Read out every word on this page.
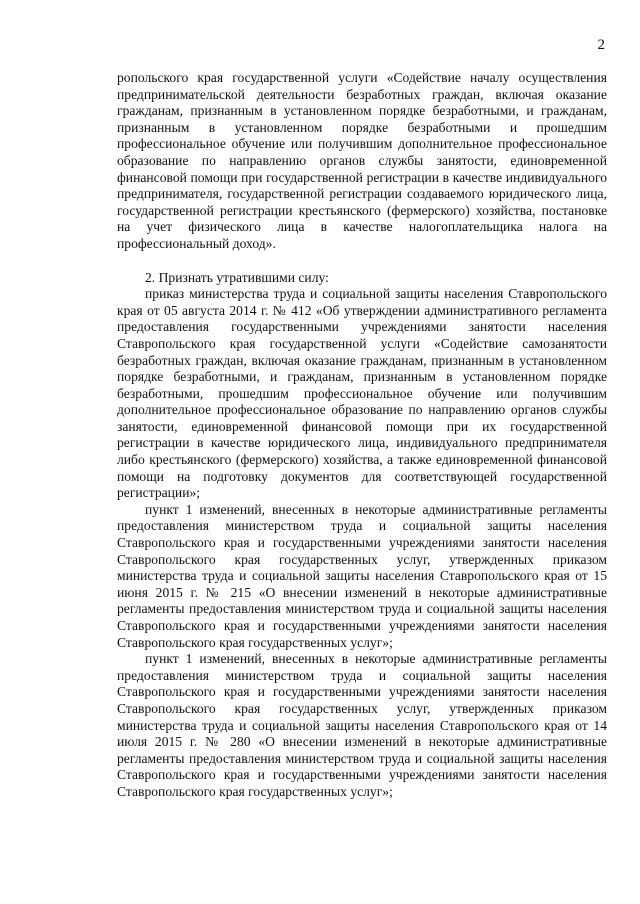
2

ропольского края государственной услуги «Содействие началу осуществления предпринимательской деятельности безработных граждан, включая оказание гражданам, признанным в установленном порядке безработными, и гражданам, признанным в установленном порядке безработными и прошедшим профессиональное обучение или получившим дополнительное профессиональное образование по направлению органов службы занятости, единовременной финансовой помощи при государственной регистрации в качестве индивидуального предпринимателя, государственной регистрации создаваемого юридического лица, государственной регистрации крестьянского (фермерского) хозяйства, постановке на учет физического лица в качестве налогоплательщика налога на профессиональный доход».

2. Признать утратившими силу:

приказ министерства труда и социальной защиты населения Ставропольского края от 05 августа 2014 г. № 412 «Об утверждении административного регламента предоставления государственными учреждениями занятости населения Ставропольского края государственной услуги «Содействие самозанятости безработных граждан, включая оказание гражданам, признанным в установленном порядке безработными, и гражданам, признанным в установленном порядке безработными, прошедшим профессиональное обучение или получившим дополнительное профессиональное образование по направлению органов службы занятости, единовременной финансовой помощи при их государственной регистрации в качестве юридического лица, индивидуального предпринимателя либо крестьянского (фермерского) хозяйства, а также единовременной финансовой помощи на подготовку документов для соответствующей государственной регистрации»;

пункт 1 изменений, внесенных в некоторые административные регламенты предоставления министерством труда и социальной защиты населения Ставропольского края и государственными учреждениями занятости населения Ставропольского края государственных услуг, утвержденных приказом министерства труда и социальной защиты населения Ставропольского края от 15 июня 2015 г. № 215 «О внесении изменений в некоторые административные регламенты предоставления министерством труда и социальной защиты населения Ставропольского края и государственными учреждениями занятости населения Ставропольского края государственных услуг»;

пункт 1 изменений, внесенных в некоторые административные регламенты предоставления министерством труда и социальной защиты населения Ставропольского края и государственными учреждениями занятости населения Ставропольского края государственных услуг, утвержденных приказом министерства труда и социальной защиты населения Ставропольского края от 14 июля 2015 г. № 280 «О внесении изменений в некоторые административные регламенты предоставления министерством труда и социальной защиты населения Ставропольского края и государственными учреждениями занятости населения Ставропольского края государственных услуг»;
